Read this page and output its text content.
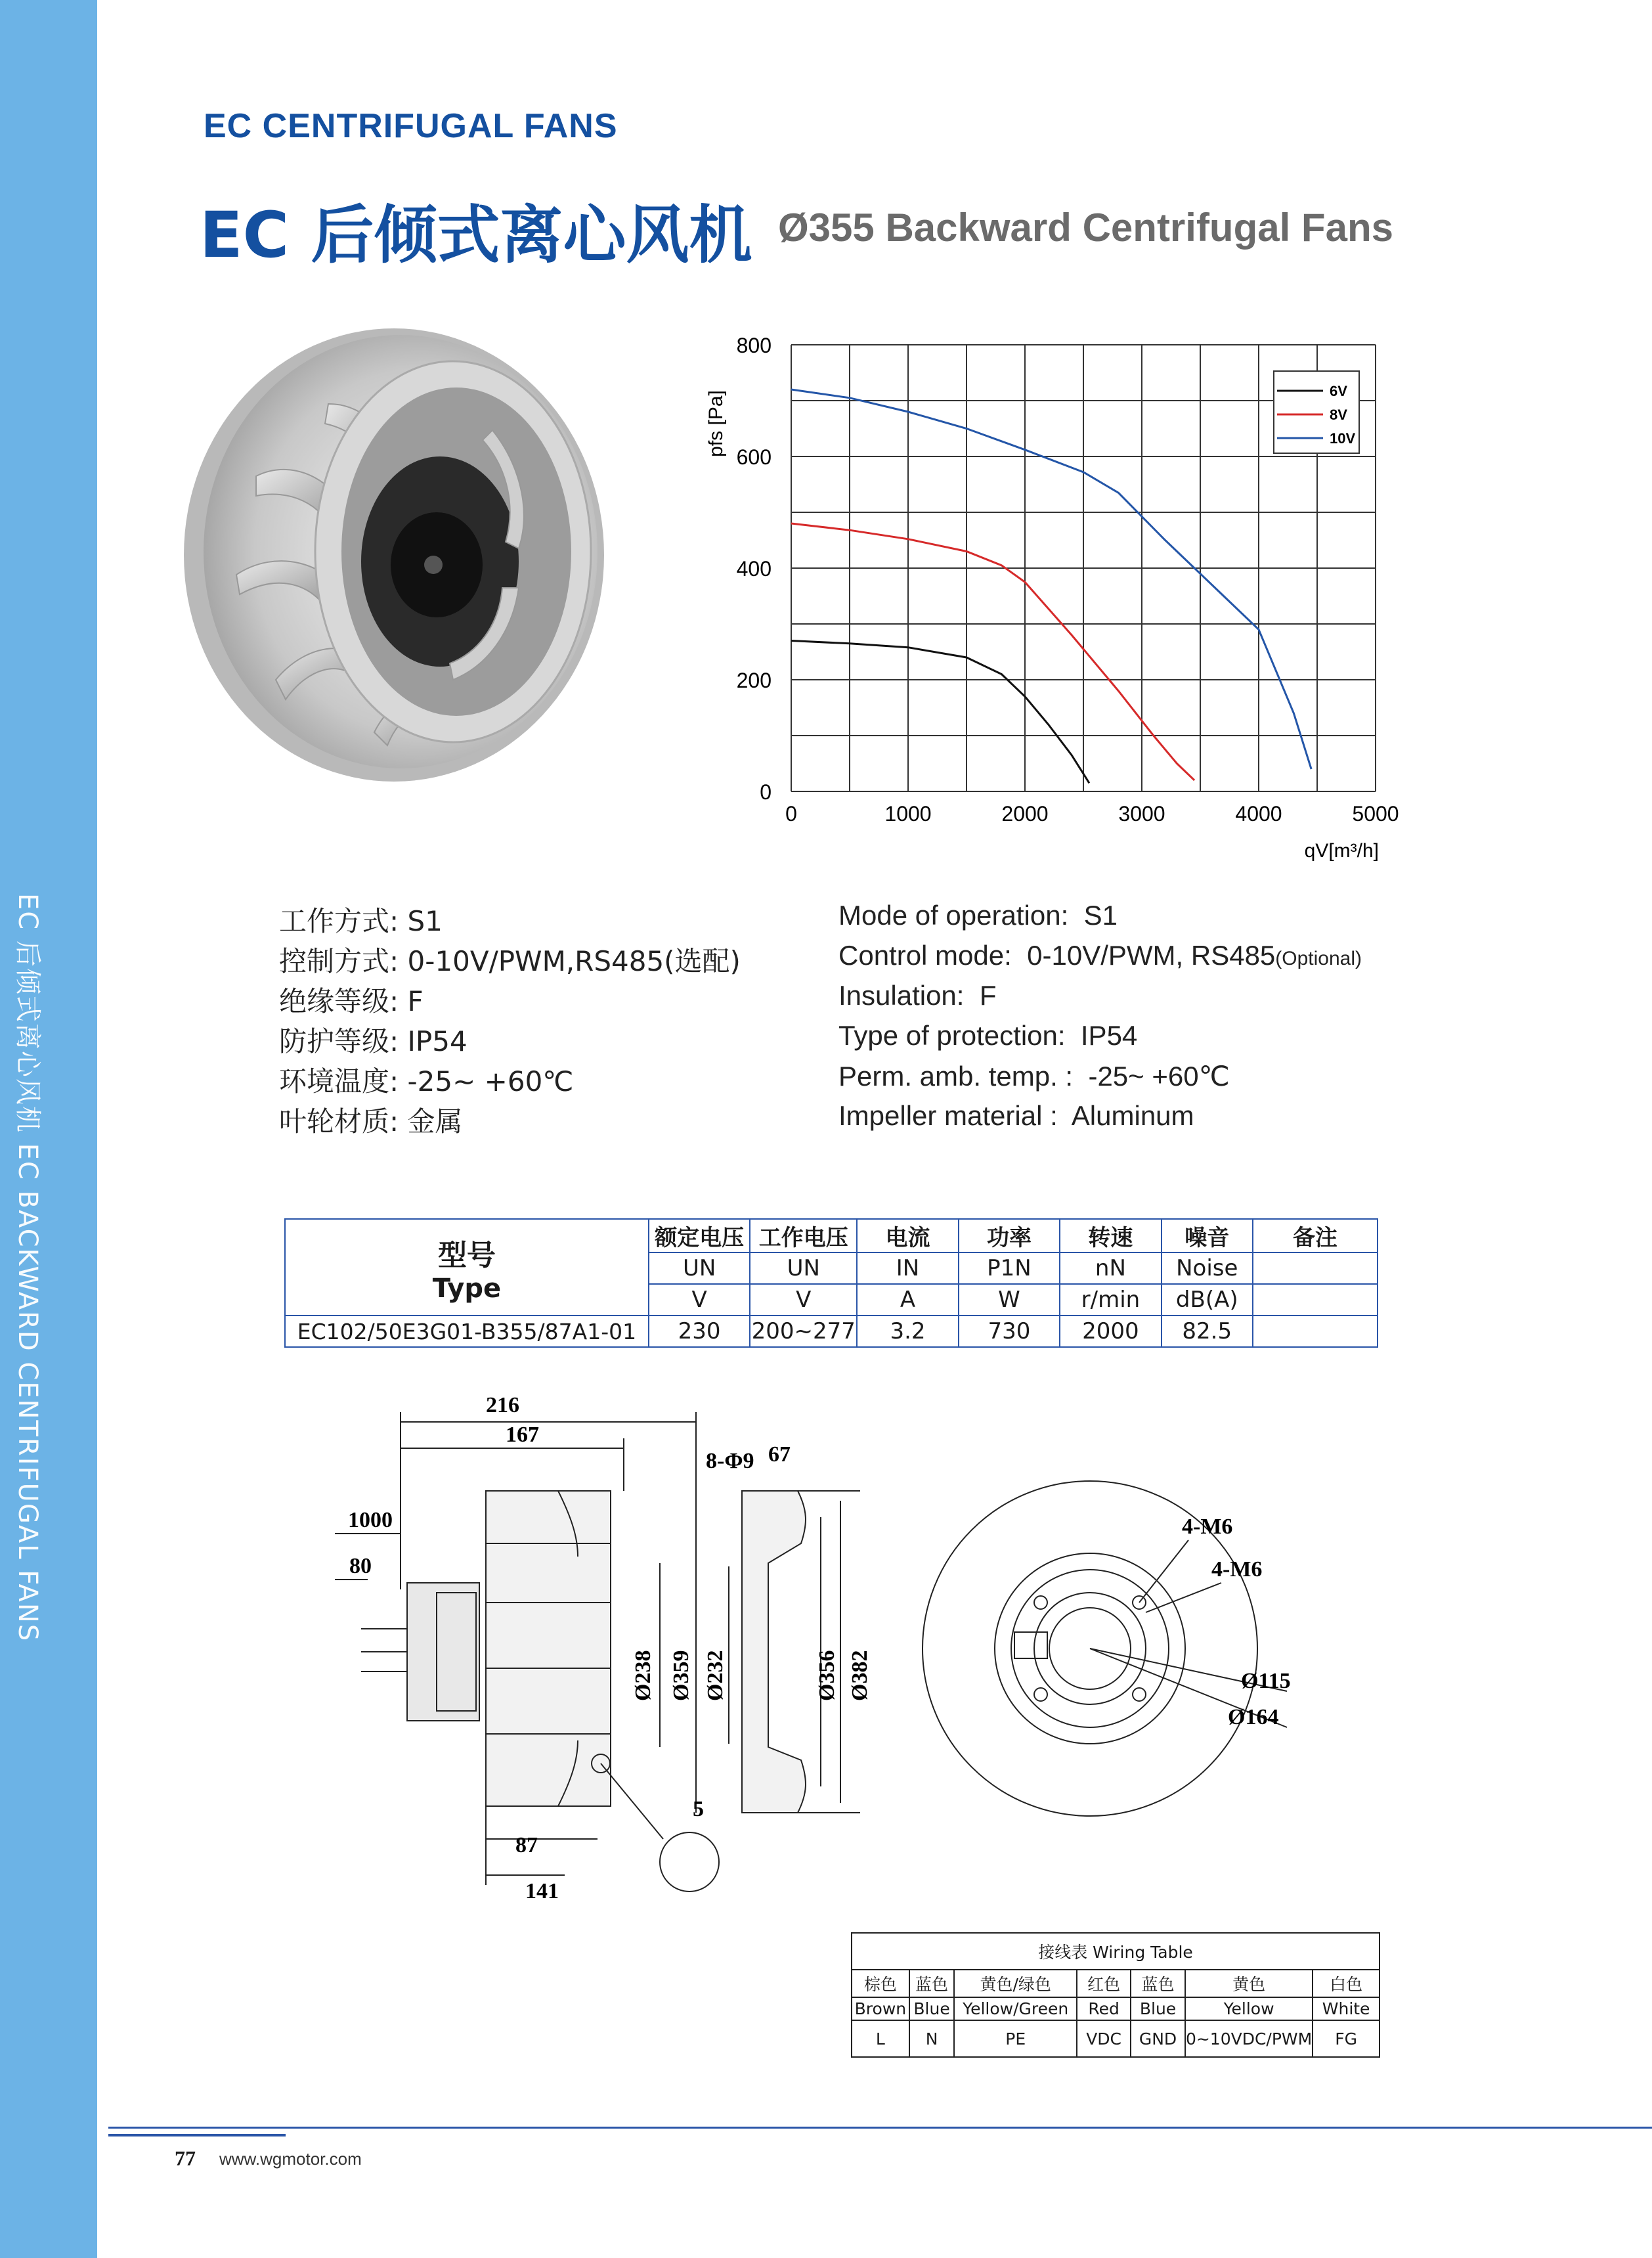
EC 后倾式离心风机 EC BACKWARD CENTRIFUGAL FANS
EC CENTRIFUGAL FANS
EC 后倾式离心风机 Ø355 Backward Centrifugal Fans
0	1000	2000	3000	4000	5000
0
200
400
600
800
pfs [Pa]
qV[m³/h]
6V
8V
10V
工作方式: S1
控制方式: 0-10V/PWM,RS485(选配)
绝缘等级: F
防护等级: IP54
环境温度: -25~ +60℃
叶轮材质: 金属
Mode of operation: S1
Control mode: 0-10V/PWM, RS485(Optional)
Insulation: F
Type of protection: IP54
Perm. amb. temp. : -25~ +60℃
Impeller material : Aluminum
型号
Type	额定电压	工作电压	电流	功率	转速	噪音	备注
	UN	UN	IN	P1N	nN	Noise	
	V	V	A	W	r/min	dB(A)	
EC102/50E3G01-B355/87A1-01	230	200~277	3.2	730	2000	82.5	
216
167
1000
80
87
141
Ø238 Ø359 Ø232	Ø356 Ø382
8-Φ9 67
5
4-M6
4-M6
Ø115
Ø164
接线表 Wiring Table						
棕色	蓝色	黄色/绿色	红色	蓝色	黄色	白色
Brown	Blue	Yellow/Green	Red	Blue	Yellow	White
L	N	PE	VDC	GND	0~10VDC/PWM	FG
77 www.wgmotor.com
